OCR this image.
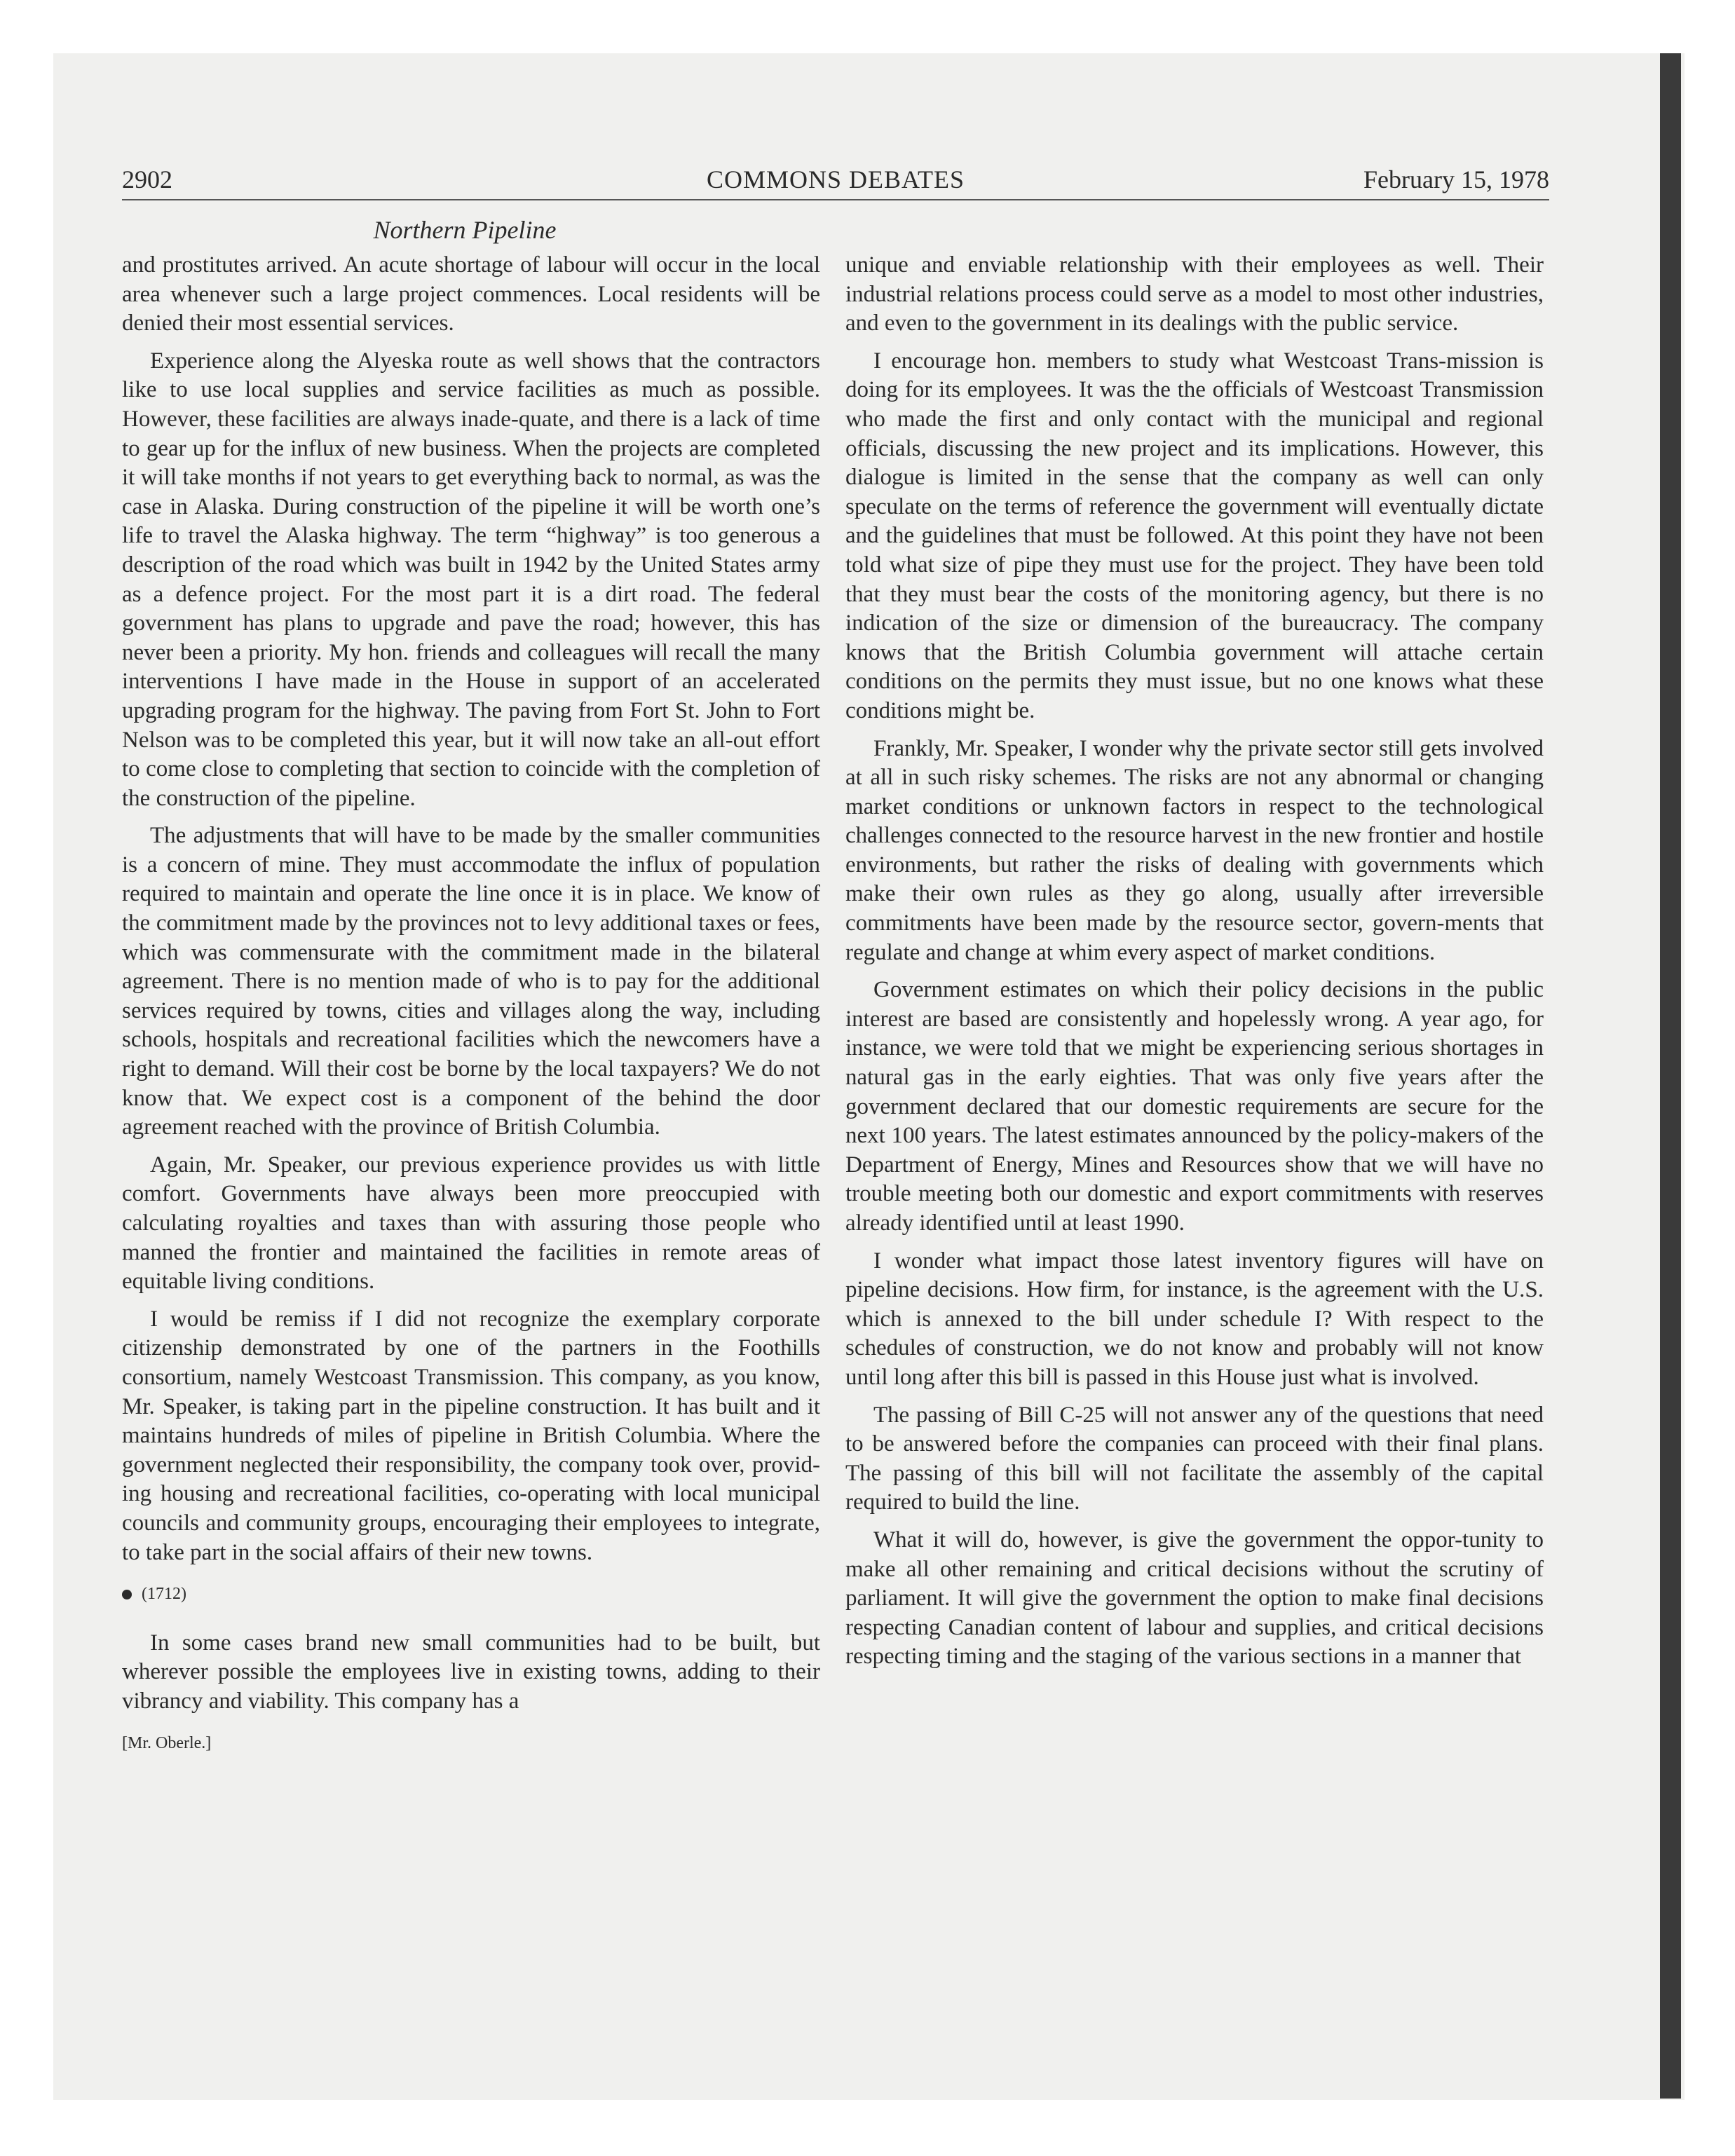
2902	COMMONS DEBATES	February 15, 1978
Northern Pipeline

and prostitutes arrived. An acute shortage of labour will occur in the local area whenever such a large project commences. Local residents will be denied their most essential services.

Experience along the Alyeska route as well shows that the contractors like to use local supplies and service facilities as much as possible. However, these facilities are always inade-quate, and there is a lack of time to gear up for the influx of new business. When the projects are completed it will take months if not years to get everything back to normal, as was the case in Alaska. During construction of the pipeline it will be worth one’s life to travel the Alaska highway. The term “highway” is too generous a description of the road which was built in 1942 by the United States army as a defence project. For the most part it is a dirt road. The federal government has plans to upgrade and pave the road; however, this has never been a priority. My hon. friends and colleagues will recall the many interventions I have made in the House in support of an accelerated upgrading program for the highway. The paving from Fort St. John to Fort Nelson was to be completed this year, but it will now take an all-out effort to come close to completing that section to coincide with the completion of the construction of the pipeline.

The adjustments that will have to be made by the smaller communities is a concern of mine. They must accommodate the influx of population required to maintain and operate the line once it is in place. We know of the commitment made by the provinces not to levy additional taxes or fees, which was commensurate with the commitment made in the bilateral agreement. There is no mention made of who is to pay for the additional services required by towns, cities and villages along the way, including schools, hospitals and recreational facilities which the newcomers have a right to demand. Will their cost be borne by the local taxpayers? We do not know that. We expect cost is a component of the behind the door agreement reached with the province of British Columbia.

Again, Mr. Speaker, our previous experience provides us with little comfort. Governments have always been more preoccupied with calculating royalties and taxes than with assuring those people who manned the frontier and maintained the facilities in remote areas of equitable living conditions.

I would be remiss if I did not recognize the exemplary corporate citizenship demonstrated by one of the partners in the Foothills consortium, namely Westcoast Transmission. This company, as you know, Mr. Speaker, is taking part in the pipeline construction. It has built and it maintains hundreds of miles of pipeline in British Columbia. Where the government neglected their responsibility, the company took over, provid-ing housing and recreational facilities, co-operating with local municipal councils and community groups, encouraging their employees to integrate, to take part in the social affairs of their new towns.

(1712)

In some cases brand new small communities had to be built, but wherever possible the employees live in existing towns, adding to their vibrancy and viability. This company has a

[Mr. Oberle.]

unique and enviable relationship with their employees as well. Their industrial relations process could serve as a model to most other industries, and even to the government in its dealings with the public service.

I encourage hon. members to study what Westcoast Trans-mission is doing for its employees. It was the the officials of Westcoast Transmission who made the first and only contact with the municipal and regional officials, discussing the new project and its implications. However, this dialogue is limited in the sense that the company as well can only speculate on the terms of reference the government will eventually dictate and the guidelines that must be followed. At this point they have not been told what size of pipe they must use for the project. They have been told that they must bear the costs of the monitoring agency, but there is no indication of the size or dimension of the bureaucracy. The company knows that the British Columbia government will attache certain conditions on the permits they must issue, but no one knows what these conditions might be.

Frankly, Mr. Speaker, I wonder why the private sector still gets involved at all in such risky schemes. The risks are not any abnormal or changing market conditions or unknown factors in respect to the technological challenges connected to the resource harvest in the new frontier and hostile environments, but rather the risks of dealing with governments which make their own rules as they go along, usually after irreversible commitments have been made by the resource sector, govern-ments that regulate and change at whim every aspect of market conditions.

Government estimates on which their policy decisions in the public interest are based are consistently and hopelessly wrong. A year ago, for instance, we were told that we might be experiencing serious shortages in natural gas in the early eighties. That was only five years after the government declared that our domestic requirements are secure for the next 100 years. The latest estimates announced by the policy-makers of the Department of Energy, Mines and Resources show that we will have no trouble meeting both our domestic and export commitments with reserves already identified until at least 1990.

I wonder what impact those latest inventory figures will have on pipeline decisions. How firm, for instance, is the agreement with the U.S. which is annexed to the bill under schedule I? With respect to the schedules of construction, we do not know and probably will not know until long after this bill is passed in this House just what is involved.

The passing of Bill C-25 will not answer any of the questions that need to be answered before the companies can proceed with their final plans. The passing of this bill will not facilitate the assembly of the capital required to build the line.

What it will do, however, is give the government the oppor-tunity to make all other remaining and critical decisions without the scrutiny of parliament. It will give the government the option to make final decisions respecting Canadian content of labour and supplies, and critical decisions respecting timing and the staging of the various sections in a manner that
